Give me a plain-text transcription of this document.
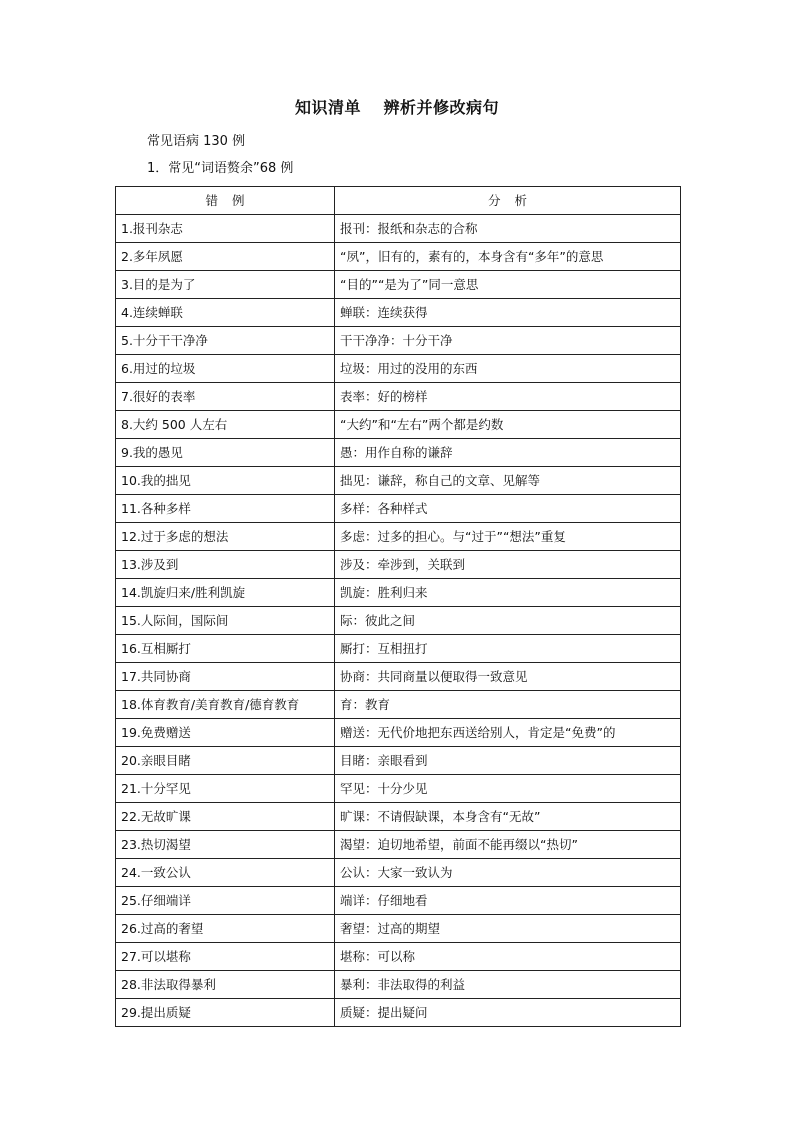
知识清单　 辨析并修改病句
常见语病 130 例
1．常见“词语赘余”68 例
错例	分析
1.报刊杂志	报刊：报纸和杂志的合称
2.多年夙愿	“夙”，旧有的，素有的，本身含有“多年”的意思
3.目的是为了	“目的”“是为了”同一意思
4.连续蝉联	蝉联：连续获得
5.十分干干净净	干干净净：十分干净
6.用过的垃圾	垃圾：用过的没用的东西
7.很好的表率	表率：好的榜样
8.大约 500 人左右	“大约”和“左右”两个都是约数
9.我的愚见	愚：用作自称的谦辞
10.我的拙见	拙见：谦辞，称自己的文章、见解等
11.各种多样	多样：各种样式
12.过于多虑的想法	多虑：过多的担心。与“过于”“想法”重复
13.涉及到	涉及：牵涉到，关联到
14.凯旋归来/胜利凯旋	凯旋：胜利归来
15.人际间，国际间	际：彼此之间
16.互相厮打	厮打：互相扭打
17.共同协商	协商：共同商量以便取得一致意见
18.体育教育/美育教育/德育教育	育：教育
19.免费赠送	赠送：无代价地把东西送给别人，肯定是“免费”的
20.亲眼目睹	目睹：亲眼看到
21.十分罕见	罕见：十分少见
22.无故旷课	旷课：不请假缺课，本身含有“无故”
23.热切渴望	渴望：迫切地希望，前面不能再缀以“热切”
24.一致公认	公认：大家一致认为
25.仔细端详	端详：仔细地看
26.过高的奢望	奢望：过高的期望
27.可以堪称	堪称：可以称
28.非法取得暴利	暴利：非法取得的利益
29.提出质疑	质疑：提出疑问
